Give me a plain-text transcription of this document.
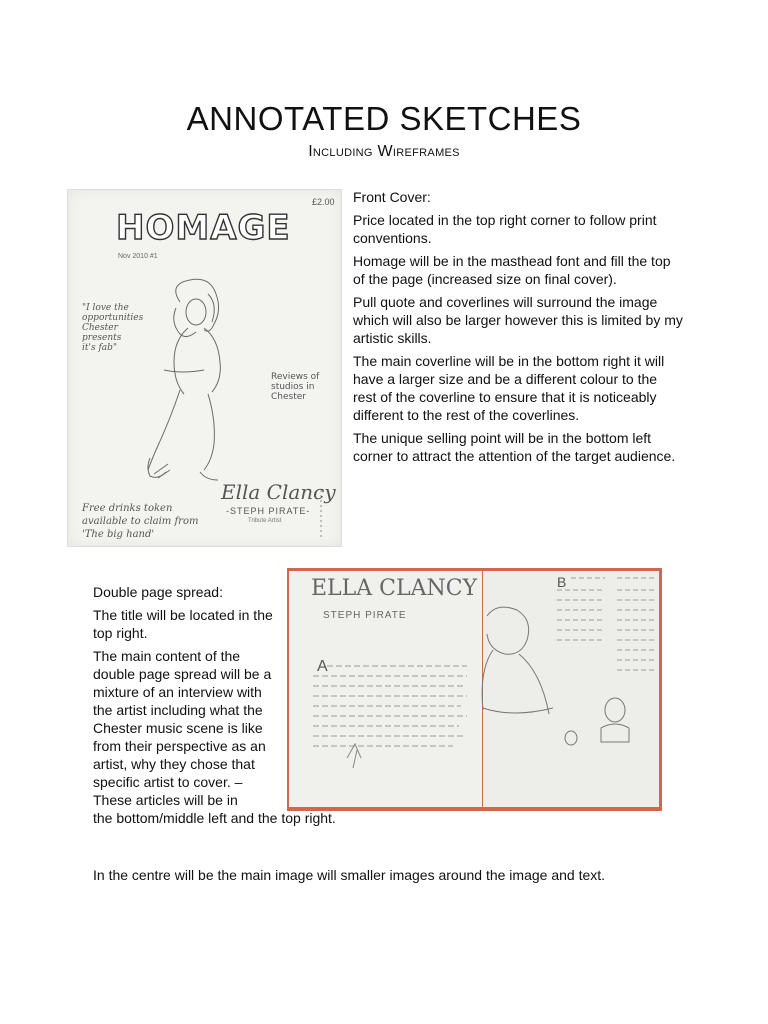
ANNOTATED SKETCHES
Including Wireframes
£2.00
HOMAGE
Nov 2010 #1
"I love the opportunities Chester presents it's fab"
Reviews of studios in Chester
Ella Clancy
-STEPH PIRATE-
Tribute Artist
Free drinks token available to claim from 'The big hand'

Front Cover:

Price located in the top right corner to follow print conventions.

Homage will be in the masthead font and fill the top of the page (increased size on final cover).

Pull quote and coverlines will surround the image which will also be larger however this is limited by my artistic skills.

The main coverline will be in the bottom right it will have a larger size and be a different colour to the rest of the coverline to ensure that it is noticeably different to the rest of the coverlines.

The unique selling point will be in the bottom left corner to attract the attention of the target audience.

ELLA CLANCY
STEPH PIRATE
A
B

Double page spread:

The title will be located in the top right.

The main content of the double page spread will be a mixture of an interview with the artist including what the Chester music scene is like from their perspective as an artist, why they chose that specific artist to cover. – These articles will be in

the bottom/middle left and the top right.

In the centre will be the main image will smaller images around the image and text.
